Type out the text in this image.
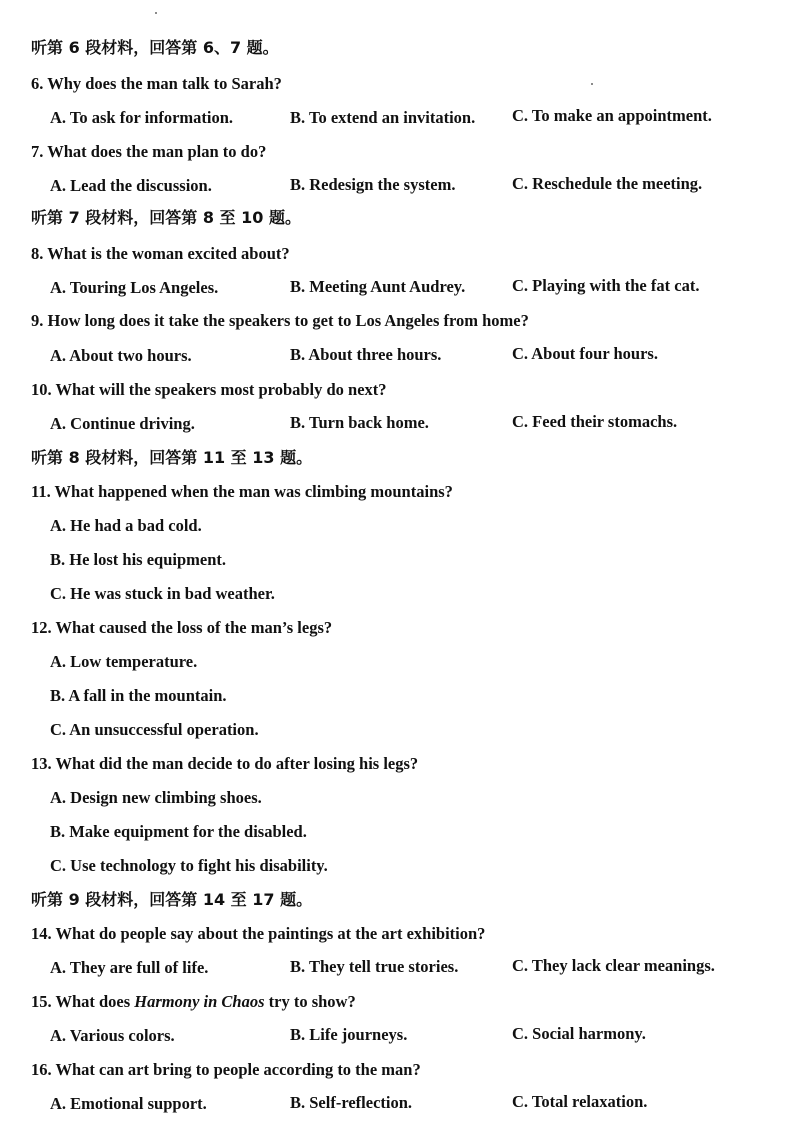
听第 6 段材料，回答第 6、7 题。
6. Why does the man talk to Sarah?
A. To ask for information.	B. To extend an invitation. C. To make an appointment.
7. What does the man plan to do?
A. Lead the discussion.	B. Redesign the system.	C. Reschedule the meeting.
听第 7 段材料，回答第 8 至 10 题。
8. What is the woman excited about?
A. Touring Los Angeles.	B. Meeting Aunt Audrey.	C. Playing with the fat cat.
9. How long does it take the speakers to get to Los Angeles from home?
A. About two hours.	B. About three hours.	C. About four hours.
10. What will the speakers most probably do next?
A. Continue driving.	B. Turn back home.	C. Feed their stomachs.
听第 8 段材料，回答第 11 至 13 题。
11. What happened when the man was climbing mountains?
A. He had a bad cold.
B. He lost his equipment.
C. He was stuck in bad weather.
12. What caused the loss of the man’s legs?
A. Low temperature.
B. A fall in the mountain.
C. An unsuccessful operation.
13. What did the man decide to do after losing his legs?
A. Design new climbing shoes.
B. Make equipment for the disabled.
C. Use technology to fight his disability.
听第 9 段材料，回答第 14 至 17 题。
14. What do people say about the paintings at the art exhibition?
A. They are full of life.	B. They tell true stories.	C. They lack clear meanings.
15. What does Harmony in Chaos try to show?
A. Various colors.	B. Life journeys.	C. Social harmony.
16. What can art bring to people according to the man?
A. Emotional support.	B. Self-reflection.	C. Total relaxation.
